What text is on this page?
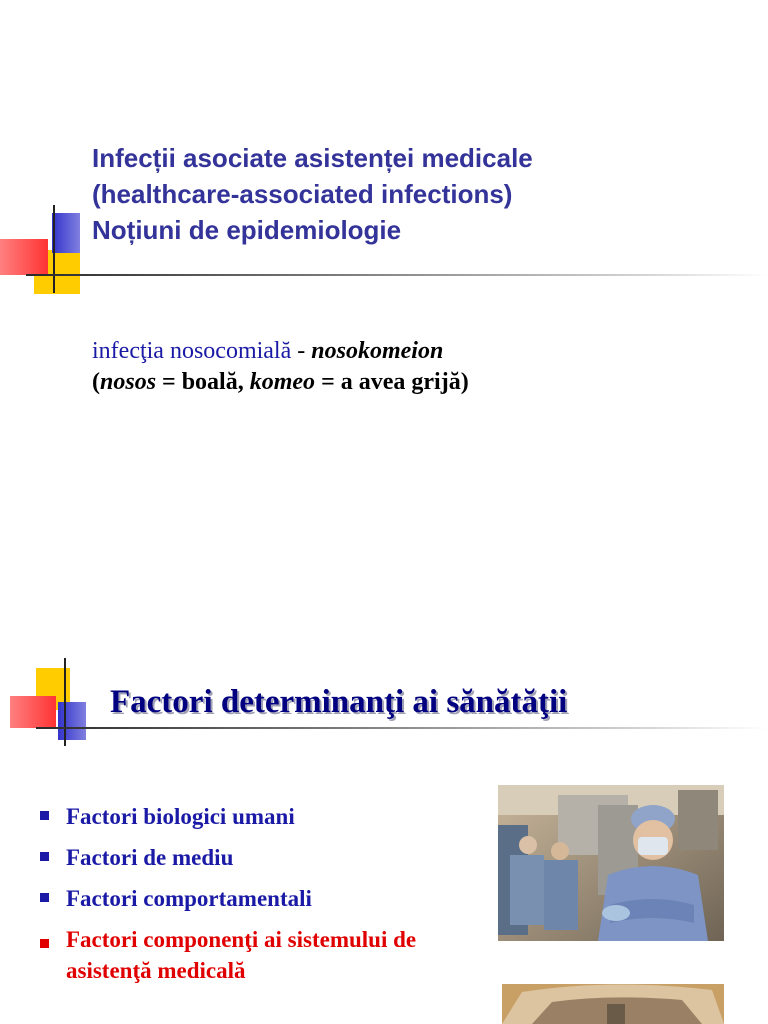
Infecții asociate asistenței medicale
(healthcare-associated infections)
Noțiuni de epidemiologie
infecţia nosocomială - nosokomeion
(nosos = boală, komeo = a avea grijă)
Factori determinanţi ai sănătăţii
Factori biologici umani
Factori de mediu
Factori comportamentali
Factori componenţi ai sistemului de
asistenţă medicală
